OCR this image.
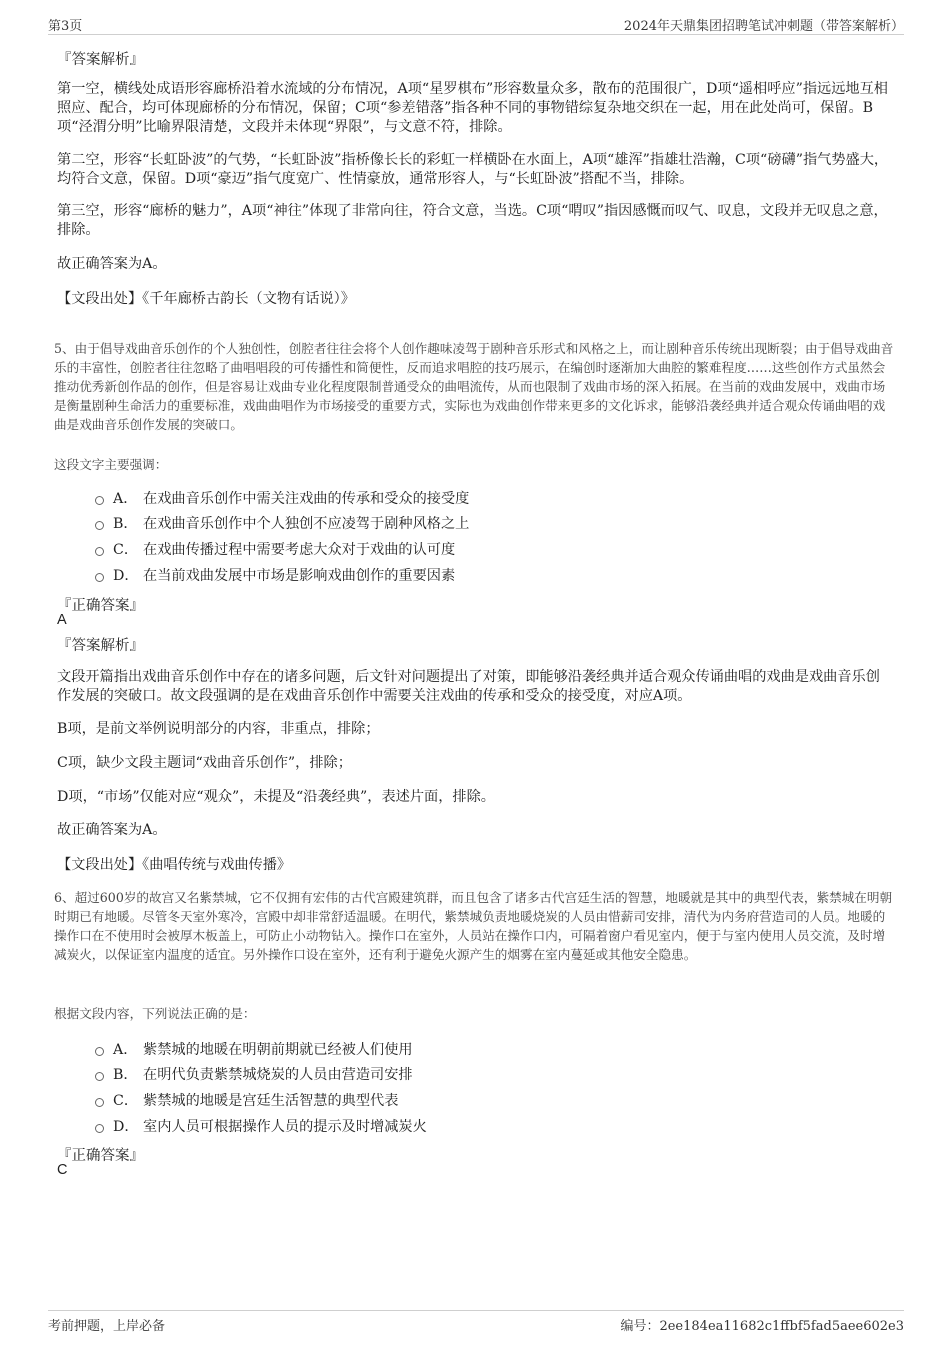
第3页	2024年天鼎集团招聘笔试冲刺题（带答案解析）
『答案解析』

第一空，横线处成语形容廊桥沿着水流域的分布情况，A项“星罗棋布”形容数量众多，散布的范围很广，D项“遥相呼应”指远远地互相照应、配合，均可体现廊桥的分布情况，保留；C项“参差错落”指各种不同的事物错综复杂地交织在一起，用在此处尚可，保留。B项“泾渭分明”比喻界限清楚，文段并未体现“界限”，与文意不符，排除。

第二空，形容“长虹卧波”的气势，“长虹卧波”指桥像长长的彩虹一样横卧在水面上，A项“雄浑”指雄壮浩瀚，C项“磅礴”指气势盛大，均符合文意，保留。D项“豪迈”指气度宽广、性情豪放，通常形容人，与“长虹卧波”搭配不当，排除。

第三空，形容“廊桥的魅力”，A项“神往”体现了非常向往，符合文意，当选。C项“喟叹”指因感慨而叹气、叹息，文段并无叹息之意，排除。

故正确答案为A。

【文段出处】《千年廊桥古韵长（文物有话说）》

5、由于倡导戏曲音乐创作的个人独创性，创腔者往往会将个人创作趣味凌驾于剧种音乐形式和风格之上，而让剧种音乐传统出现断裂；由于倡导戏曲音乐的丰富性，创腔者往往忽略了曲唱唱段的可传播性和简便性，反而追求唱腔的技巧展示，在编创时逐渐加大曲腔的繁难程度……这些创作方式虽然会推动优秀新创作品的创作，但是容易让戏曲专业化程度限制普通受众的曲唱流传，从而也限制了戏曲市场的深入拓展。在当前的戏曲发展中，戏曲市场是衡量剧种生命活力的重要标准，戏曲曲唱作为市场接受的重要方式，实际也为戏曲创作带来更多的文化诉求，能够沿袭经典并适合观众传诵曲唱的戏曲是戏曲音乐创作发展的突破口。

这段文字主要强调：
A． 在戏曲音乐创作中需关注戏曲的传承和受众的接受度
B． 在戏曲音乐创作中个人独创不应凌驾于剧种风格之上
C． 在戏曲传播过程中需要考虑大众对于戏曲的认可度
D． 在当前戏曲发展中市场是影响戏曲创作的重要因素
『正确答案』
A
『答案解析』

文段开篇指出戏曲音乐创作中存在的诸多问题，后文针对问题提出了对策，即能够沿袭经典并适合观众传诵曲唱的戏曲是戏曲音乐创作发展的突破口。故文段强调的是在戏曲音乐创作中需要关注戏曲的传承和受众的接受度，对应A项。

B项，是前文举例说明部分的内容，非重点，排除；

C项，缺少文段主题词“戏曲音乐创作”，排除；

D项，“市场”仅能对应“观众”，未提及“沿袭经典”，表述片面，排除。

故正确答案为A。

【文段出处】《曲唱传统与戏曲传播》

6、超过600岁的故宫又名紫禁城，它不仅拥有宏伟的古代宫殿建筑群，而且包含了诸多古代宫廷生活的智慧，地暖就是其中的典型代表，紫禁城在明朝时期已有地暖。尽管冬天室外寒冷，宫殿中却非常舒适温暖。在明代，紫禁城负责地暖烧炭的人员由惜薪司安排，清代为内务府营造司的人员。地暖的操作口在不使用时会被厚木板盖上，可防止小动物钻入。操作口在室外，人员站在操作口内，可隔着窗户看见室内，便于与室内使用人员交流，及时增减炭火，以保证室内温度的适宜。另外操作口设在室外，还有利于避免火源产生的烟雾在室内蔓延或其他安全隐患。

根据文段内容，下列说法正确的是：
A． 紫禁城的地暖在明朝前期就已经被人们使用
B． 在明代负责紫禁城烧炭的人员由营造司安排
C． 紫禁城的地暖是宫廷生活智慧的典型代表
D． 室内人员可根据操作人员的提示及时增减炭火
『正确答案』
C
考前押题，上岸必备	编号：2ee184ea11682c1ffbf5fad5aee602e3
